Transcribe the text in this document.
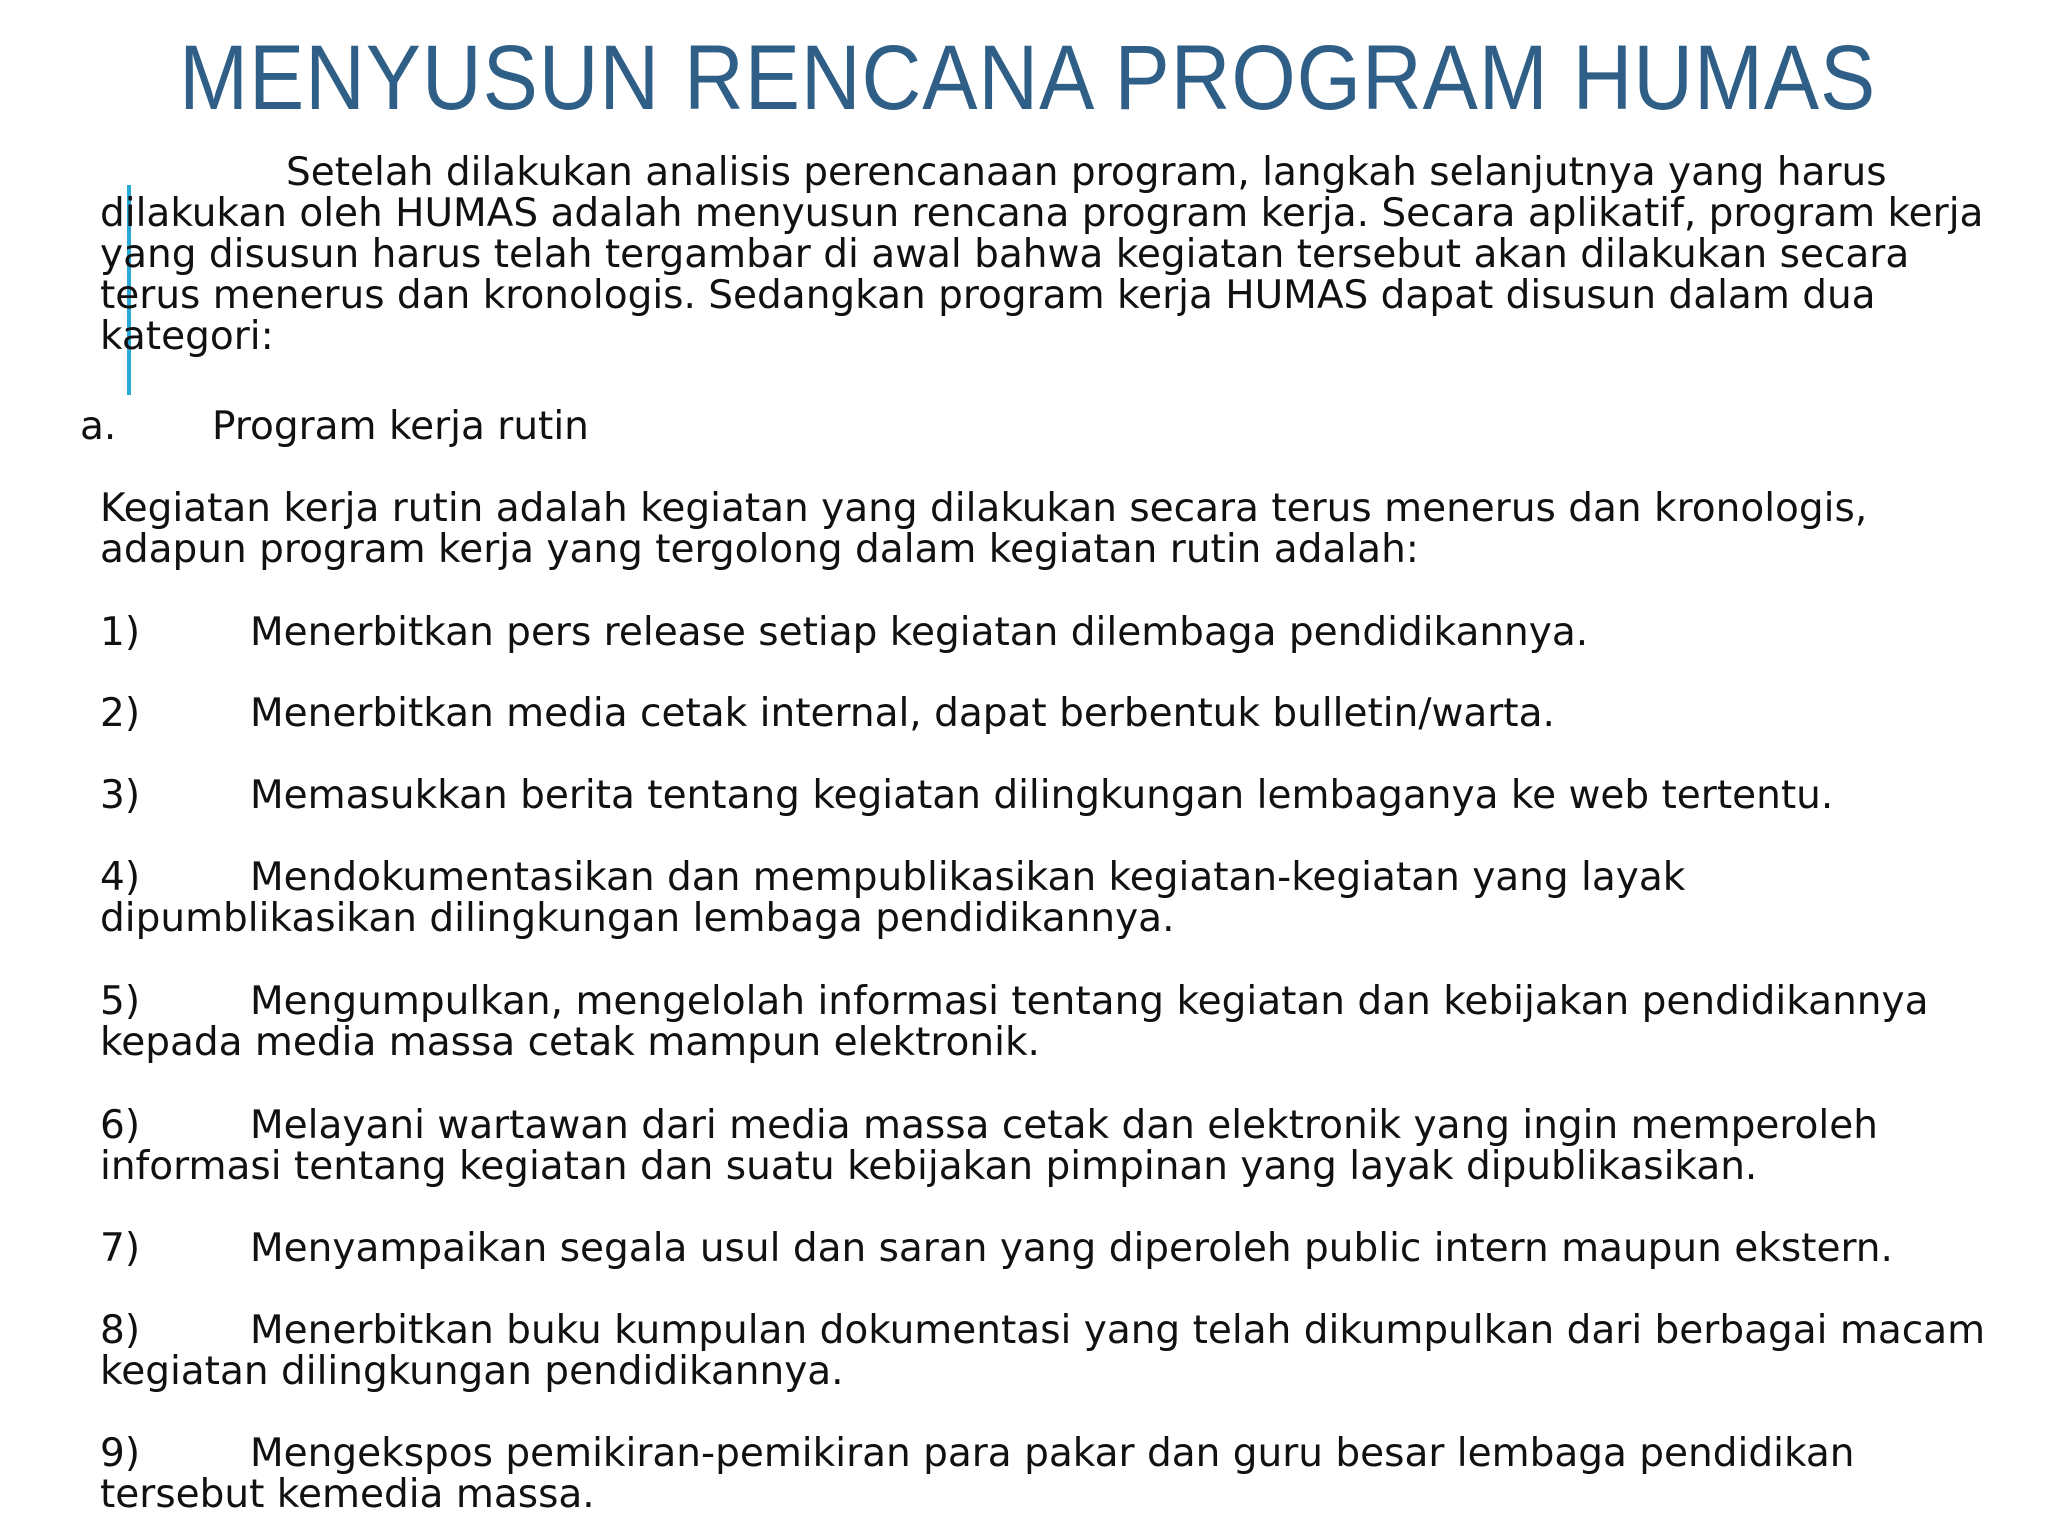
MENYUSUN RENCANA PROGRAM HUMAS
Setelah dilakukan analisis perencanaan program, langkah selanjutnya yang harus dilakukan oleh HUMAS adalah menyusun rencana program kerja. Secara aplikatif, program kerja yang disusun harus telah tergambar di awal bahwa kegiatan tersebut akan dilakukan secara terus menerus dan kronologis. Sedangkan program kerja HUMAS dapat disusun dalam dua kategori:
a. Program kerja rutin
Kegiatan kerja rutin adalah kegiatan yang dilakukan secara terus menerus dan kronologis, adapun program kerja yang tergolong dalam kegiatan rutin adalah:
1)	Menerbitkan pers release setiap kegiatan dilembaga pendidikannya.
2)	Menerbitkan media cetak internal, dapat berbentuk bulletin/warta.
3)	Memasukkan berita tentang kegiatan dilingkungan lembaganya ke web tertentu.
4)	Mendokumentasikan dan mempublikasikan kegiatan-kegiatan yang layak dipumblikasikan dilingkungan lembaga pendidikannya.
5)	Mengumpulkan, mengelolah informasi tentang kegiatan dan kebijakan pendidikannya kepada media massa cetak mampun elektronik.
6)	Melayani wartawan dari media massa cetak dan elektronik yang ingin memperoleh informasi tentang kegiatan dan suatu kebijakan pimpinan yang layak dipublikasikan.
7)	Menyampaikan segala usul dan saran yang diperoleh public intern maupun ekstern.
8)	Menerbitkan buku kumpulan dokumentasi yang telah dikumpulkan dari berbagai macam kegiatan dilingkungan pendidikannya.
9)	Mengekspos pemikiran-pemikiran para pakar dan guru besar lembaga pendidikan tersebut kemedia massa.
